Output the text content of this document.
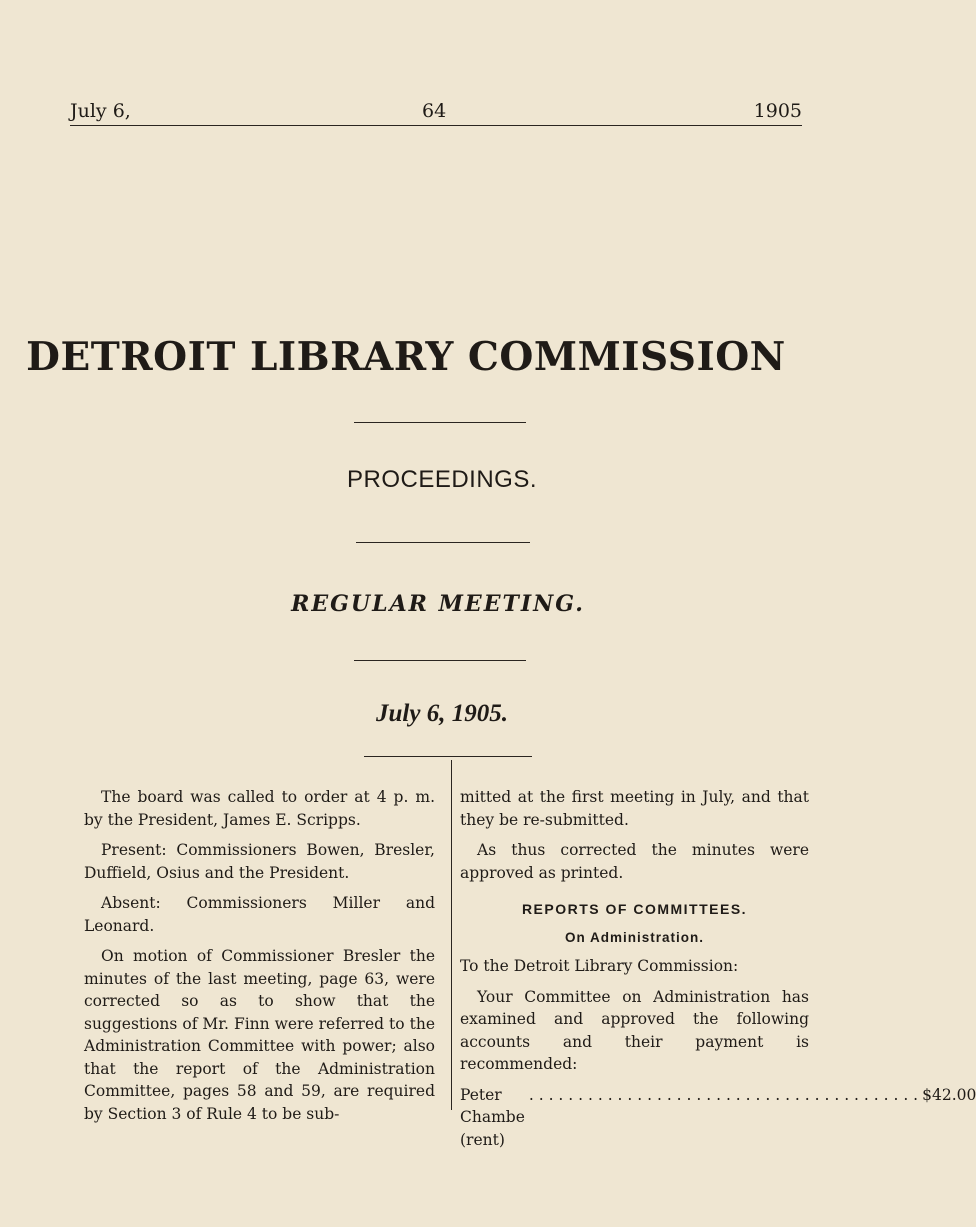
July 6,	64	1905
DETROIT LIBRARY COMMISSION
PROCEEDINGS.
REGULAR MEETING.
July 6, 1905.

The board was called to order at 4 p. m. by the President, James E. Scripps.

Present: Commissioners Bowen, Bresler, Duffield, Osius and the President.

Absent: Commissioners Miller and Leonard.

On motion of Commissioner Bresler the minutes of the last meeting, page 63, were corrected so as to show that the suggestions of Mr. Finn were referred to the Administration Committee with power; also that the report of the Administration Committee, pages 58 and 59, are required by Section 3 of Rule 4 to be sub-

mitted at the first meeting in July, and that they be re-submitted.

As thus corrected the minutes were approved as printed.

REPORTS OF COMMITTEES.
On Administration.

To the Detroit Library Commission:

Your Committee on Administration has examined and approved the following accounts and their payment is recommended:

Peter Chambe (rent)
. . . . . . . . . . . . . . . . . . . . . . . . . . . . . . . . . . . . . . . . $42.00
